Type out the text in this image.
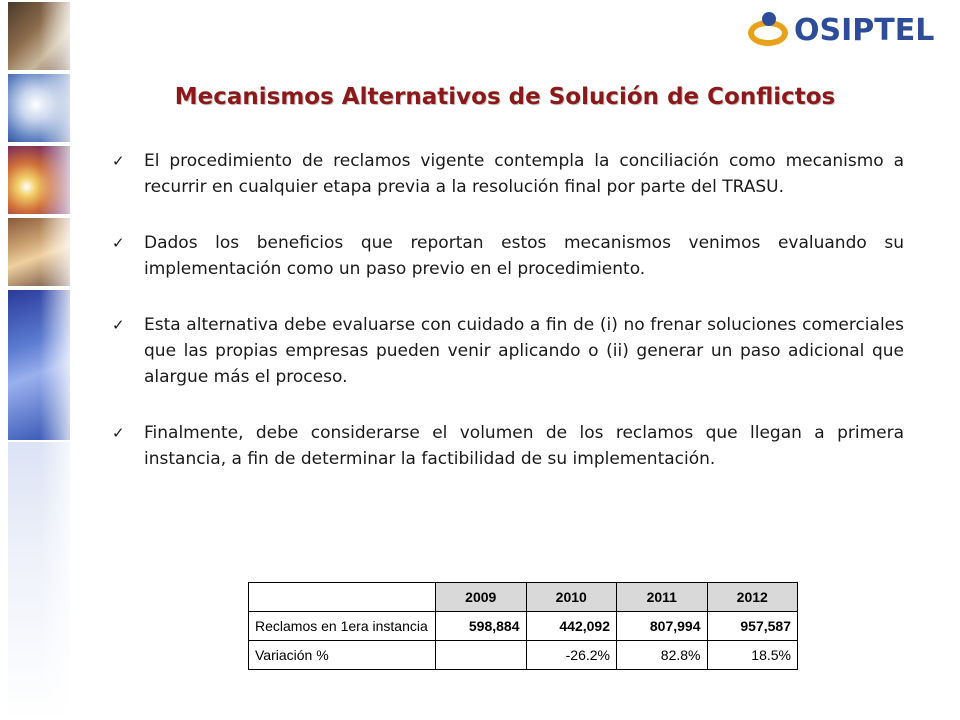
OSIPTEL
Mecanismos Alternativos de Solución de Conflictos
✓ El procedimiento de reclamos vigente contempla la conciliación como mecanismo a recurrir en cualquier etapa previa a la resolución final por parte del TRASU.
✓ Dados los beneficios que reportan estos mecanismos venimos evaluando su implementación como un paso previo en el procedimiento.
✓ Esta alternativa debe evaluarse con cuidado a fin de (i) no frenar soluciones comerciales que las propias empresas pueden venir aplicando o (ii) generar un paso adicional que alargue más el proceso.
✓ Finalmente, debe considerarse el volumen de los reclamos que llegan a primera instancia, a fin de determinar la factibilidad de su implementación.
	2009	2010	2011	2012
Reclamos en 1era instancia	598,884	442,092	807,994	957,587
Variación %		-26.2%	82.8%	18.5%
